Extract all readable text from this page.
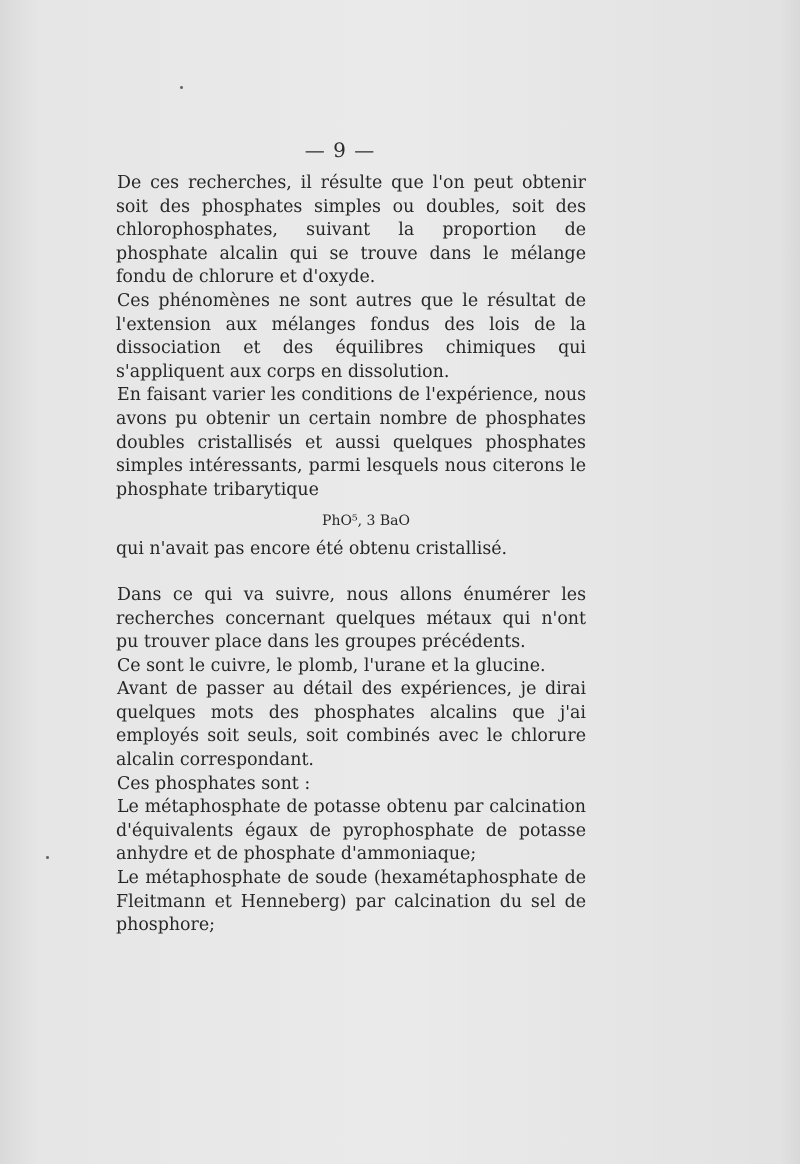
— 9 —

De ces recherches, il résulte que l'on peut obtenir soit des phosphates simples ou doubles, soit des chlorophosphates, suivant la proportion de phosphate alcalin qui se trouve dans le mélange fondu de chlorure et d'oxyde.

Ces phénomènes ne sont autres que le résultat de l'extension aux mélanges fondus des lois de la dissociation et des équilibres chimiques qui s'appliquent aux corps en dissolution.

En faisant varier les conditions de l'expérience, nous avons pu obtenir un certain nombre de phosphates doubles cristallisés et aussi quelques phosphates simples intéressants, parmi lesquels nous citerons le phosphate tribarytique

PhO⁵, 3 BaO

qui n'avait pas encore été obtenu cristallisé.

Dans ce qui va suivre, nous allons énumérer les recherches concernant quelques métaux qui n'ont pu trouver place dans les groupes précédents.

Ce sont le cuivre, le plomb, l'urane et la glucine.

Avant de passer au détail des expériences, je dirai quelques mots des phosphates alcalins que j'ai employés soit seuls, soit combinés avec le chlorure alcalin correspondant.

Ces phosphates sont :

Le métaphosphate de potasse obtenu par calcination d'équivalents égaux de pyrophosphate de potasse anhydre et de phosphate d'ammoniaque;

Le métaphosphate de soude (hexamétaphosphate de Fleitmann et Henneberg) par calcination du sel de phosphore;
